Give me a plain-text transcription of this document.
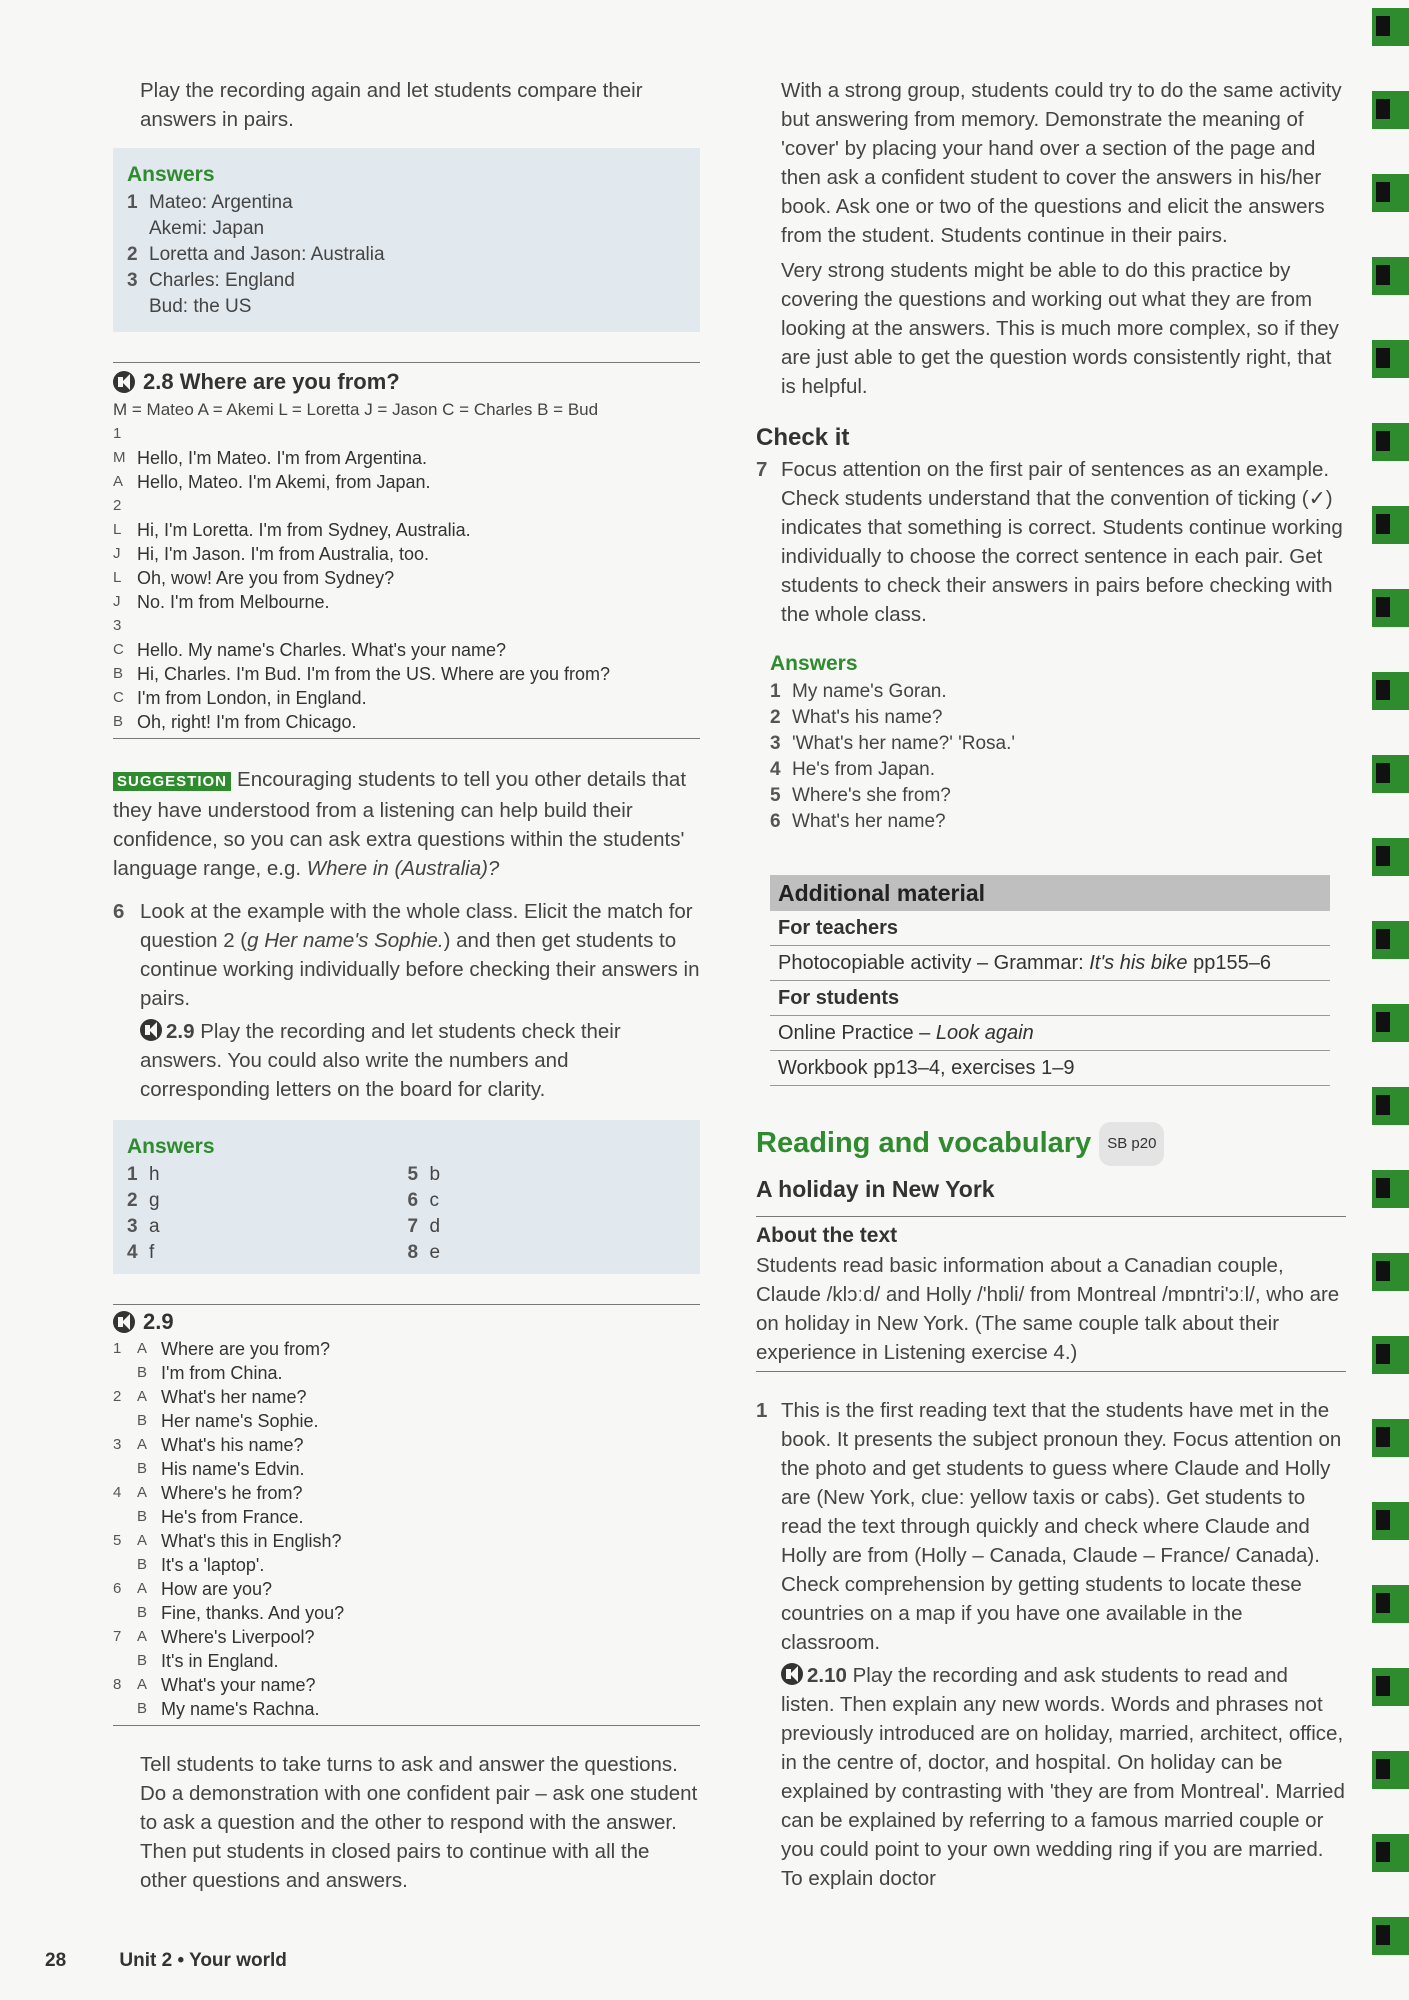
Play the recording again and let students compare their answers in pairs.

Answers
1 Mateo: Argentina
Akemi: Japan
2 Loretta and Jason: Australia
3 Charles: England
Bud: the US
2.8 Where are you from?
M = Mateo A = Akemi L = Loretta J = Jason C = Charles B = Bud
1
M Hello, I'm Mateo. I'm from Argentina.
A Hello, Mateo. I'm Akemi, from Japan.
2
L Hi, I'm Loretta. I'm from Sydney, Australia.
J Hi, I'm Jason. I'm from Australia, too.
L Oh, wow! Are you from Sydney?
J No. I'm from Melbourne.
3
C Hello. My name's Charles. What's your name?
B Hi, Charles. I'm Bud. I'm from the US. Where are you from?
C I'm from London, in England.
B Oh, right! I'm from Chicago.

SUGGESTION Encouraging students to tell you other details that they have understood from a listening can help build their confidence, so you can ask extra questions within the students' language range, e.g. Where in (Australia)?

6 Look at the example with the whole class. Elicit the match for question 2 (g Her name's Sophie.) and then get students to continue working individually before checking their answers in pairs.

2.9 Play the recording and let students check their answers. You could also write the numbers and corresponding letters on the board for clarity.

Answers
1 h
2 g
3 a
4 f
5 b
6 c
7 d
8 e
2.9
1	A Where are you from?
B I'm from China.
2	A What's her name?
B Her name's Sophie.
3	A What's his name?
B His name's Edvin.
4	A Where's he from?
B He's from France.
5	A What's this in English?
B It's a 'laptop'.
6	A How are you?
B Fine, thanks. And you?
7	A Where's Liverpool?
B It's in England.
8	A What's your name?
B My name's Rachna.

Tell students to take turns to ask and answer the questions. Do a demonstration with one confident pair – ask one student to ask a question and the other to respond with the answer. Then put students in closed pairs to continue with all the other questions and answers.

With a strong group, students could try to do the same activity but answering from memory. Demonstrate the meaning of 'cover' by placing your hand over a section of the page and then ask a confident student to cover the answers in his/her book. Ask one or two of the questions and elicit the answers from the student. Students continue in their pairs.

Very strong students might be able to do this practice by covering the questions and working out what they are from looking at the answers. This is much more complex, so if they are just able to get the question words consistently right, that is helpful.

Check it
7 Focus attention on the first pair of sentences as an example. Check students understand that the convention of ticking (✓) indicates that something is correct. Students continue working individually to choose the correct sentence in each pair. Get students to check their answers in pairs before checking with the whole class.

Answers
1 My name's Goran.
2 What's his name?
3 'What's her name?' 'Rosa.'
4 He's from Japan.
5 Where's she from?
6 What's her name?
Additional material
For teachers
Photocopiable activity – Grammar: It's his bike pp155–6
For students
Online Practice – Look again
Workbook pp13–4, exercises 1–9
Reading and vocabulary SB p20
A holiday in New York
About the text

Students read basic information about a Canadian couple, Claude /klɔːd/ and Holly /'hɒli/ from Montreal /mɒntri'ɔːl/, who are on holiday in New York. (The same couple talk about their experience in Listening exercise 4.)

1 This is the first reading text that the students have met in the book. It presents the subject pronoun they. Focus attention on the photo and get students to guess where Claude and Holly are (New York, clue: yellow taxis or cabs). Get students to read the text through quickly and check where Claude and Holly are from (Holly – Canada, Claude – France/ Canada). Check comprehension by getting students to locate these countries on a map if you have one available in the classroom.

2.10 Play the recording and ask students to read and listen. Then explain any new words. Words and phrases not previously introduced are on holiday, married, architect, office, in the centre of, doctor, and hospital. On holiday can be explained by contrasting with 'they are from Montreal'. Married can be explained by referring to a famous married couple or you could point to your own wedding ring if you are married. To explain doctor

28	Unit 2 • Your world
